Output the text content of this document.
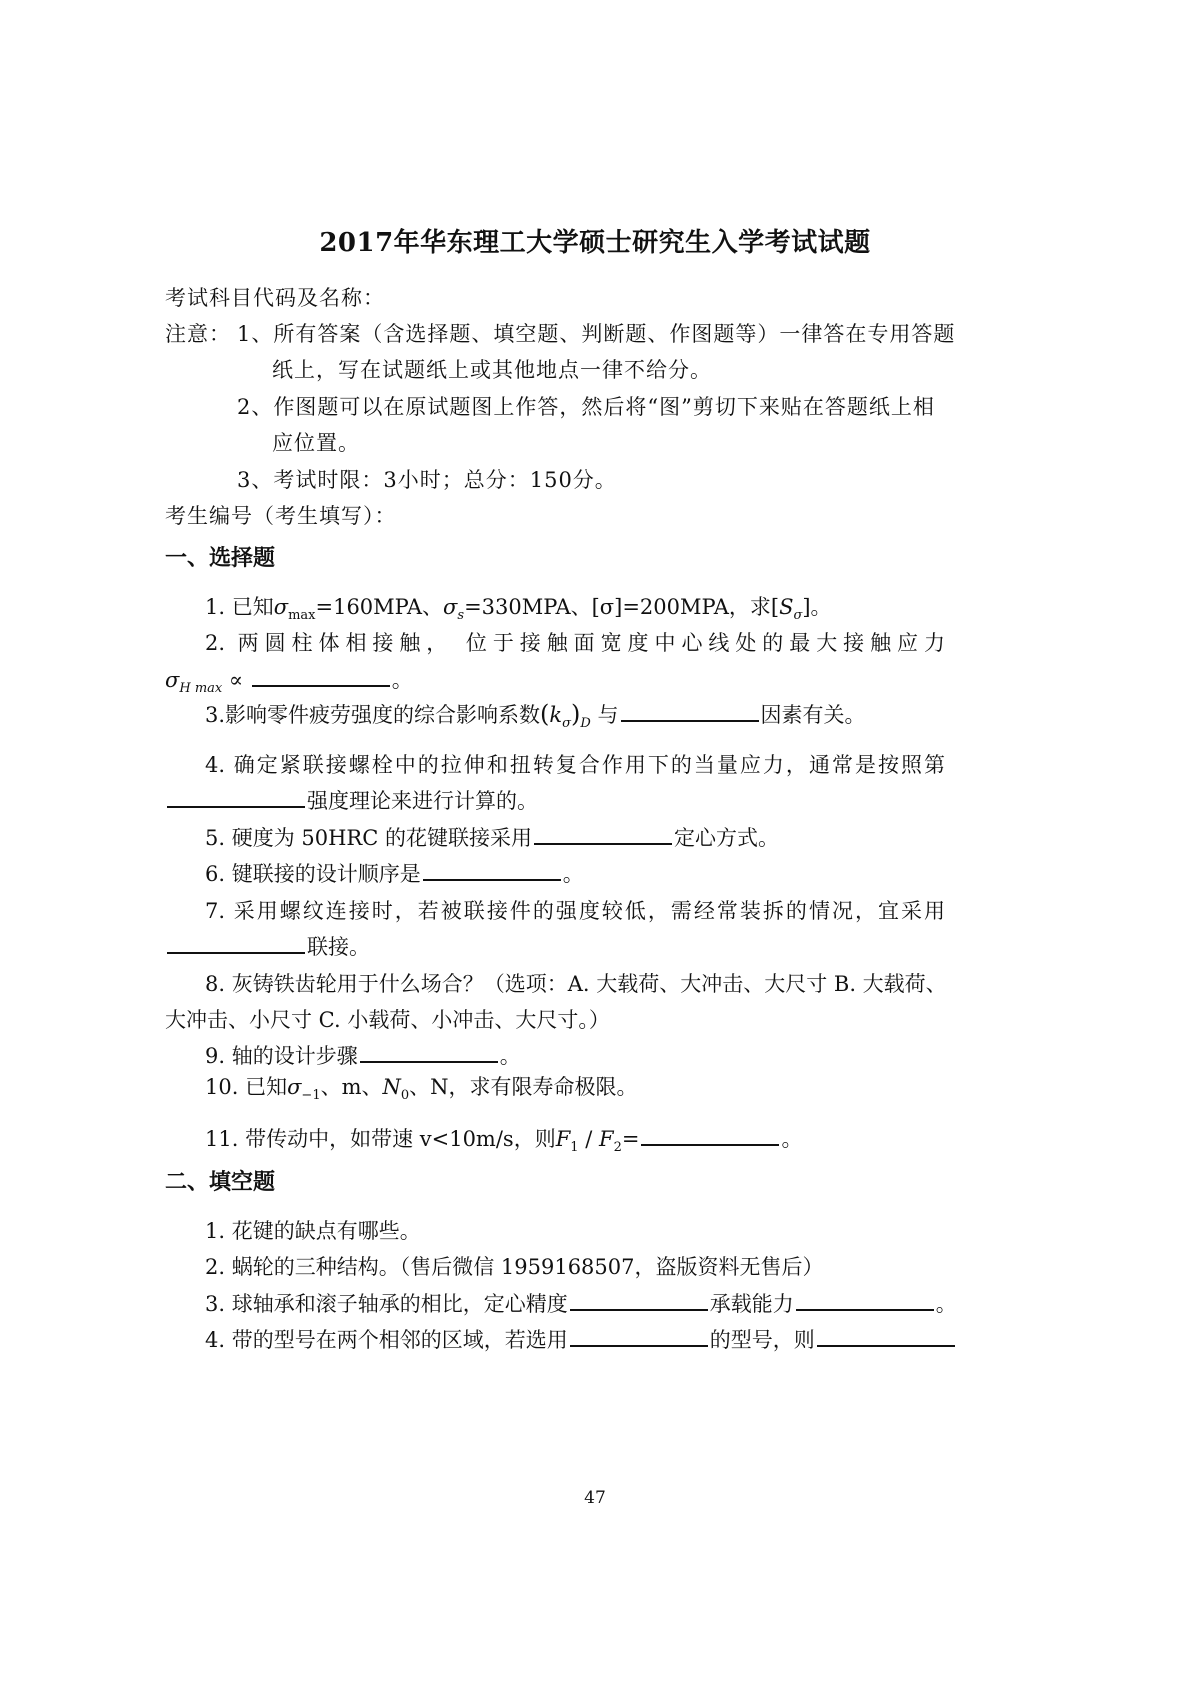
2017年华东理工大学硕士研究生入学考试试题
考试科目代码及名称：
注意： 1、所有答案（含选择题、填空题、判断题、作图题等）一律答在专用答题
纸上，写在试题纸上或其他地点一律不给分。
2、作图题可以在原试题图上作答，然后将“图”剪切下来贴在答题纸上相
应位置。
3、考试时限：3小时；总分：150分。
考生编号（考生填写）：
一、选择题
1. 已知$\sigma_{max}=160MPA$、$\sigma_s=330MPA$、[σ]=200MPA，求$[S_\sigma]$。
2. 两圆柱体相接触， 位于接触面宽度中心线处的最大接触应力
$\sigma_{H max}$ ∝	。
3.影响零件疲劳强度的综合影响系数$(k_\sigma)_D$ 与	因素有关。
4. 确定紧联接螺栓中的拉伸和扭转复合作用下的当量应力，通常是按照第
强度理论来进行计算的。
5. 硬度为 50HRC 的花键联接采用	定心方式。
6. 键联接的设计顺序是	。
7. 采用螺纹连接时，若被联接件的强度较低，需经常装拆的情况，宜采用
联接。
8. 灰铸铁齿轮用于什么场合？（选项：A. 大载荷、大冲击、大尺寸 B. 大载荷、
大冲击、小尺寸 C. 小载荷、小冲击、大尺寸。）
9. 轴的设计步骤	。
10. 已知$\sigma_{-1}$、m、$N_0$、N，求有限寿命极限。
11. 带传动中，如带速 v<10m/s，则$F_1 / F_2=$	。
二、填空题
1. 花键的缺点有哪些。
2. 蜗轮的三种结构。（售后微信 1959168507，盗版资料无售后）
3. 球轴承和滚子轴承的相比，定心精度	承载能力	。
4. 带的型号在两个相邻的区域，若选用	的型号，则
47
